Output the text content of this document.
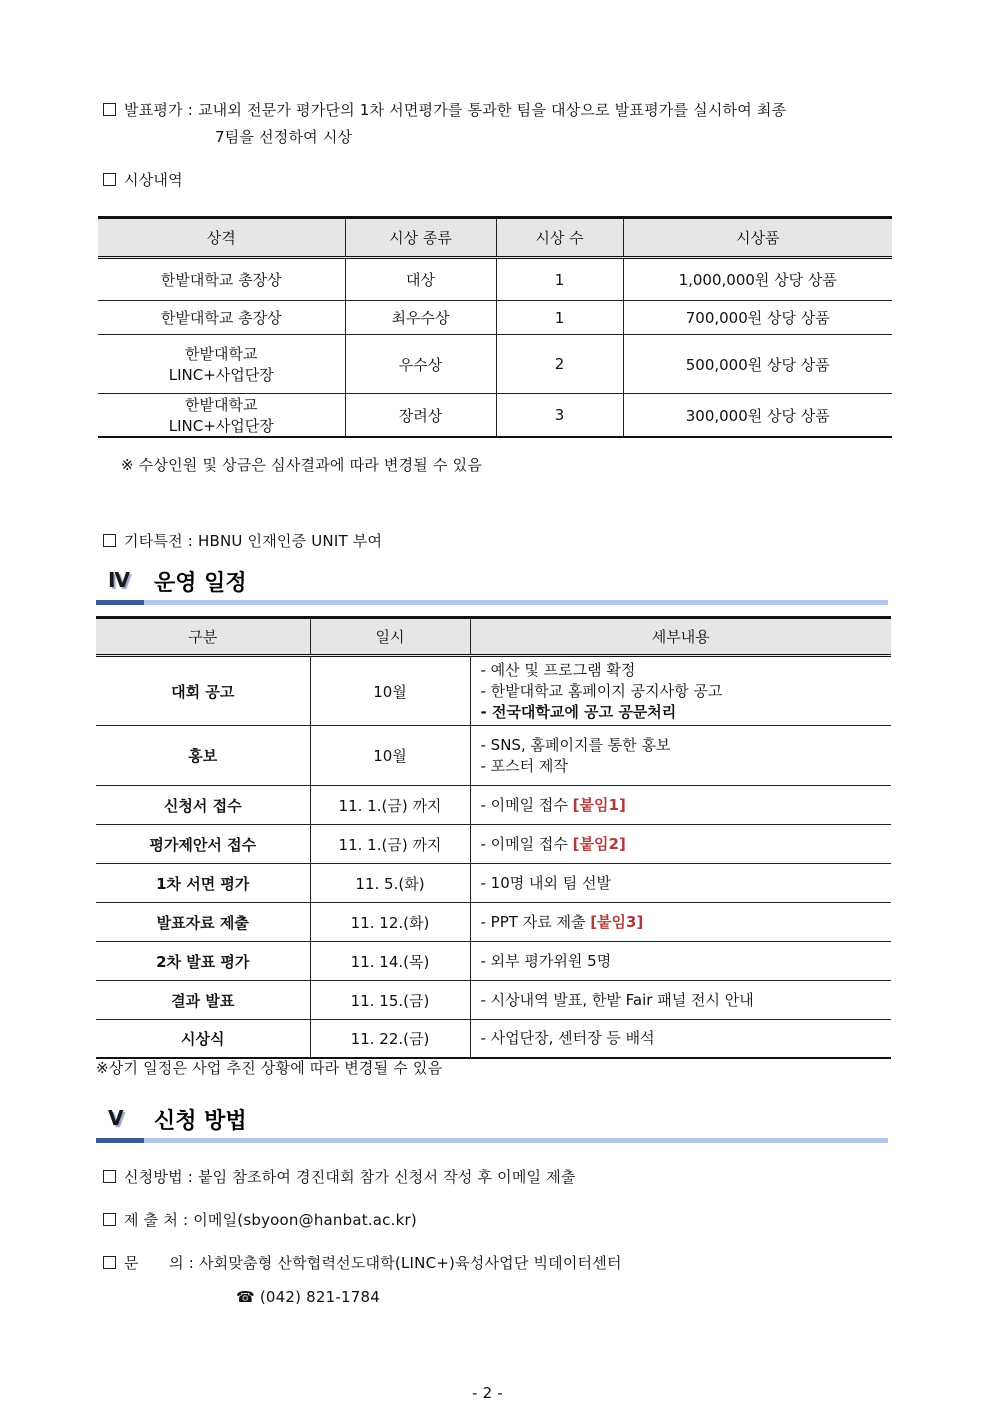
발표평가 : 교내외 전문가 평가단의 1차 서면평가를 통과한 팀을 대상으로 발표평가를 실시하여 최종
7팀을 선정하여 시상
시상내역
상격	시상 종류	시상 수	시상품
한밭대학교 총장상	대상	1	1,000,000원 상당 상품
한밭대학교 총장상	최우수상	1	700,000원 상당 상품

한밭대학교
LINC+사업단장	우수상	2	500,000원 상당 상품

한밭대학교
LINC+사업단장	장려상	3	300,000원 상당 상품
※ 수상인원 및 상금은 심사결과에 따라 변경될 수 있음
기타특전 : HBNU 인재인증 UNIT 부여
Ⅳ 운영 일정
구분	일시	세부내용
대회 공고	10월	- 예산 및 프로그램 확정
- 한밭대학교 홈페이지 공지사항 공고
- 전국대학교에 공고 공문처리

홍보	10월	- SNS, 홈페이지를 통한 홍보
- 포스터 제작

신청서 접수	11. 1.(금) 까지	- 이메일 접수 [붙임1]
평가제안서 접수	11. 1.(금) 까지	- 이메일 접수 [붙임2]
1차 서면 평가	11. 5.(화)	- 10명 내외 팀 선발
발표자료 제출	11. 12.(화)	- PPT 자료 제출 [붙임3]
2차 발표 평가	11. 14.(목)	- 외부 평가위원 5명
결과 발표	11. 15.(금)	- 시상내역 발표, 한밭 Fair 패널 전시 안내
시상식	11. 22.(금)	- 사업단장, 센터장 등 배석
※상기 일정은 사업 추진 상황에 따라 변경될 수 있음
Ⅴ 신청 방법
신청방법 : 붙임 참조하여 경진대회 참가 신청서 작성 후 이메일 제출
제 출 처 : 이메일(sbyoon@hanbat.ac.kr)
문　　의 : 사회맞춤형 산학협력선도대학(LINC+)육성사업단 빅데이터센터
☎ (042) 821-1784
- 2 -
